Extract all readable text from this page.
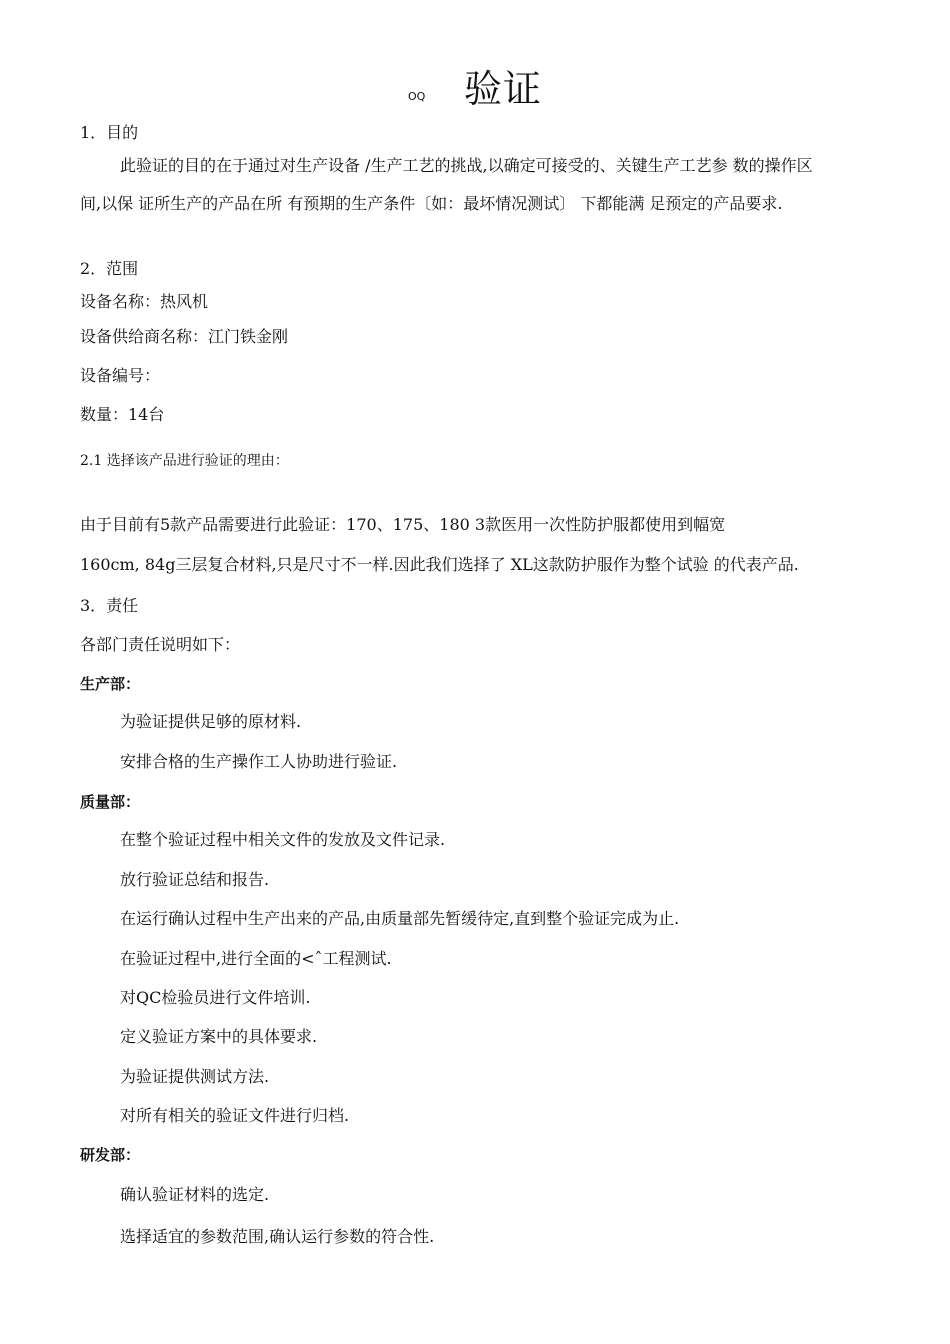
OQ 验证
1．目的
此验证的目的在于通过对生产设备 /生产工艺的挑战,以确定可接受的、关键生产工艺参 数的操作区
间,以保 证所生产的产品在所 有预期的生产条件〔如：最坏情况测试〕 下都能满 足预定的产品要求.
2．范围
设备名称：热风机
设备供给商名称：江门铁金刚
设备编号：
数量：14台
2.1 选择该产品进行验证的理由：
由于目前有5款产品需要进行此验证：170、175、180 3款医用一次性防护服都使用到幅宽
160cm, 84g三层复合材料,只是尺寸不一样.因此我们选择了 XL这款防护服作为整个试验 的代表产品.
3．责任
各部门责任说明如下：
生产部：
为验证提供足够的原材料.
安排合格的生产操作工人协助进行验证.
质量部：
在整个验证过程中相关文件的发放及文件记录.
放行验证总结和报告.
在运行确认过程中生产出来的产品,由质量部先暂缓待定,直到整个验证完成为止.
在验证过程中,进行全面的<ˆ工程测试.
对QC检验员进行文件培训.
定义验证方案中的具体要求.
为验证提供测试方法.
对所有相关的验证文件进行归档.
研发部：
确认验证材料的选定.
选择适宜的参数范围,确认运行参数的符合性.
